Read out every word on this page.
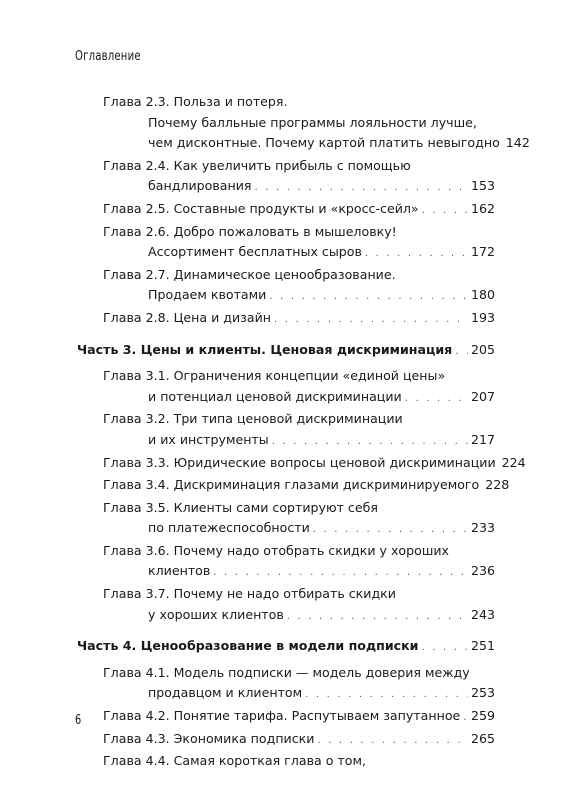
Оглавление
Глава 2.3. Польза и потеря.
Почему балльные программы лояльности лучше,
чем дисконтные. Почему картой платить невыгодно 142
Глава 2.4. Как увеличить прибыль с помощью
бандлирования . . .	153
Глава 2.5. Составные продукты и «кросс-сейл» . . .	162
Глава 2.6. Добро пожаловать в мышеловку!
Ассортимент бесплатных сыров . . .	172
Глава 2.7. Динамическое ценообразование.
Продаем квотами . . .	180
Глава 2.8. Цена и дизайн . . .	193
Часть 3. Цены и клиенты. Ценовая дискриминация . . . 205
Глава 3.1. Ограничения концепции «единой цены»
и потенциал ценовой дискриминации . . .	207
Глава 3.2. Три типа ценовой дискриминации
и их инструменты . . .	217
Глава 3.3. Юридические вопросы ценовой дискриминации 224
Глава 3.4. Дискриминация глазами дискриминируемого 228
Глава 3.5. Клиенты сами сортируют себя
по платежеспособности . . .	233
Глава 3.6. Почему надо отобрать скидки у хороших
клиентов . . .	236
Глава 3.7. Почему не надо отбирать скидки
у хороших клиентов . . .	243
Часть 4. Ценообразование в модели подписки . . .	251
Глава 4.1. Модель подписки — модель доверия между
продавцом и клиентом . . .	253
Глава 4.2. Понятие тарифа. Распутываем запутанное . . . 259
Глава 4.3. Экономика подписки . . .	265
Глава 4.4. Самая короткая глава о том,
6
